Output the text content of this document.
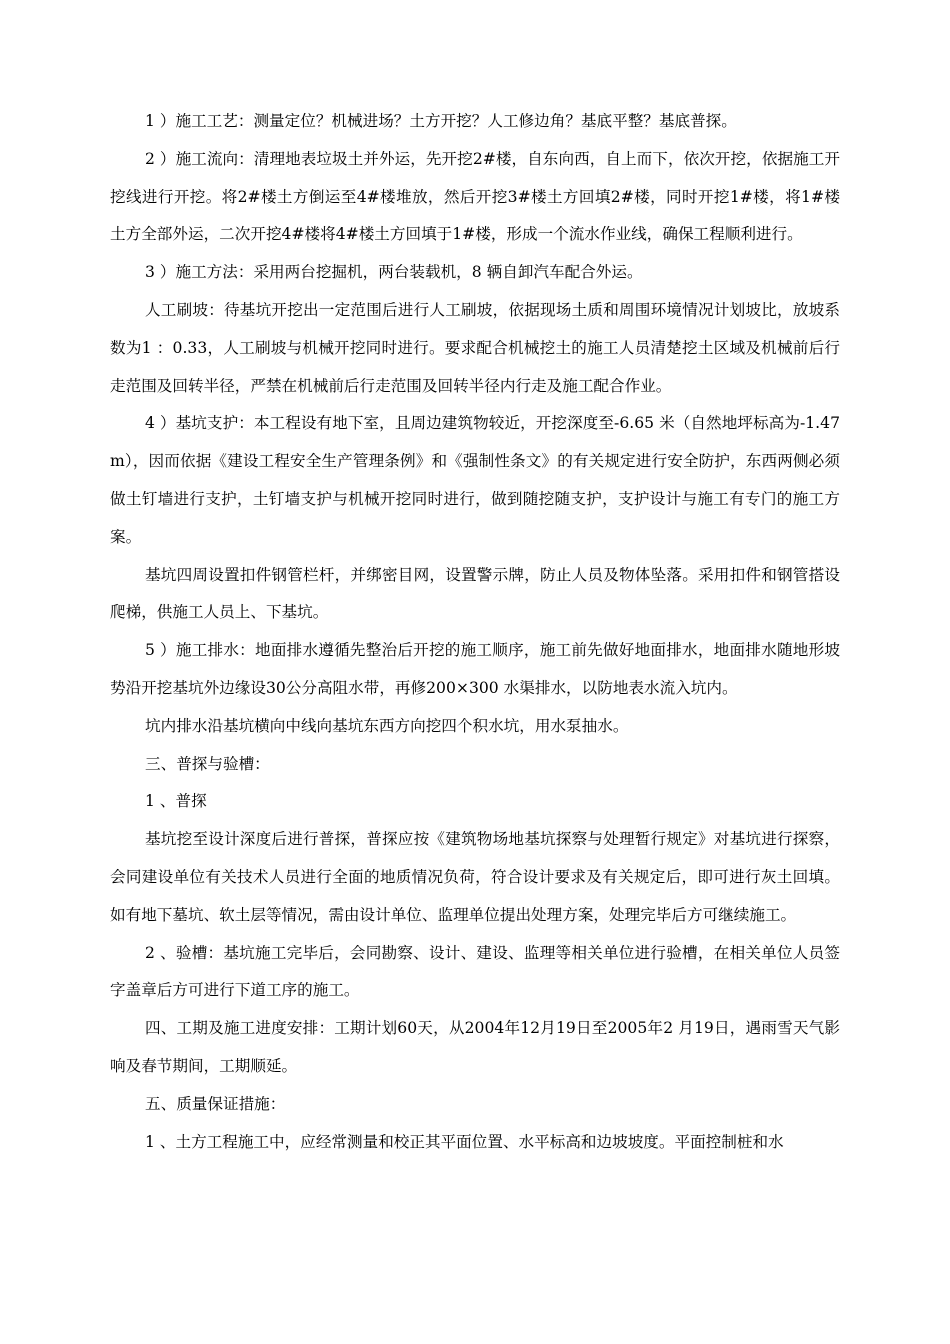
1 ）施工工艺：测量定位？机械进场？土方开挖？人工修边角？基底平整？基底普探。

2 ）施工流向：清理地表垃圾土并外运，先开挖2#楼，自东向西，自上而下，依次开挖，依据施工开挖线进行开挖。将2#楼土方倒运至4#楼堆放，然后开挖3#楼土方回填2#楼，同时开挖1#楼，将1#楼土方全部外运，二次开挖4#楼将4#楼土方回填于1#楼，形成一个流水作业线，确保工程顺利进行。

3 ）施工方法：采用两台挖掘机，两台装载机，8 辆自卸汽车配合外运。

人工刷坡：待基坑开挖出一定范围后进行人工刷坡，依据现场土质和周围环境情况计划坡比，放坡系数为1 ：0.33，人工刷坡与机械开挖同时进行。要求配合机械挖土的施工人员清楚挖土区域及机械前后行走范围及回转半径，严禁在机械前后行走范围及回转半径内行走及施工配合作业。

4 ）基坑支护：本工程设有地下室，且周边建筑物较近，开挖深度至-6.65 米（自然地坪标高为-1.47m），因而依据《建设工程安全生产管理条例》和《强制性条文》的有关规定进行安全防护，东西两侧必须做土钉墙进行支护，土钉墙支护与机械开挖同时进行，做到随挖随支护，支护设计与施工有专门的施工方案。

基坑四周设置扣件钢管栏杆，并绑密目网，设置警示牌，防止人员及物体坠落。采用扣件和钢管搭设爬梯，供施工人员上、下基坑。

5 ）施工排水：地面排水遵循先整治后开挖的施工顺序，施工前先做好地面排水，地面排水随地形坡势沿开挖基坑外边缘设30公分高阻水带，再修200×300 水渠排水，以防地表水流入坑内。

坑内排水沿基坑横向中线向基坑东西方向挖四个积水坑，用水泵抽水。

三、普探与验槽：

1 、普探

基坑挖至设计深度后进行普探，普探应按《建筑物场地基坑探察与处理暂行规定》对基坑进行探察，会同建设单位有关技术人员进行全面的地质情况负荷，符合设计要求及有关规定后，即可进行灰土回填。如有地下墓坑、软土层等情况，需由设计单位、监理单位提出处理方案，处理完毕后方可继续施工。

2 、验槽：基坑施工完毕后，会同勘察、设计、建设、监理等相关单位进行验槽，在相关单位人员签字盖章后方可进行下道工序的施工。

四、工期及施工进度安排：工期计划60天，从2004年12月19日至2005年2 月19日，遇雨雪天气影响及春节期间，工期顺延。

五、质量保证措施：

1 、土方工程施工中，应经常测量和校正其平面位置、水平标高和边坡坡度。平面控制桩和水
